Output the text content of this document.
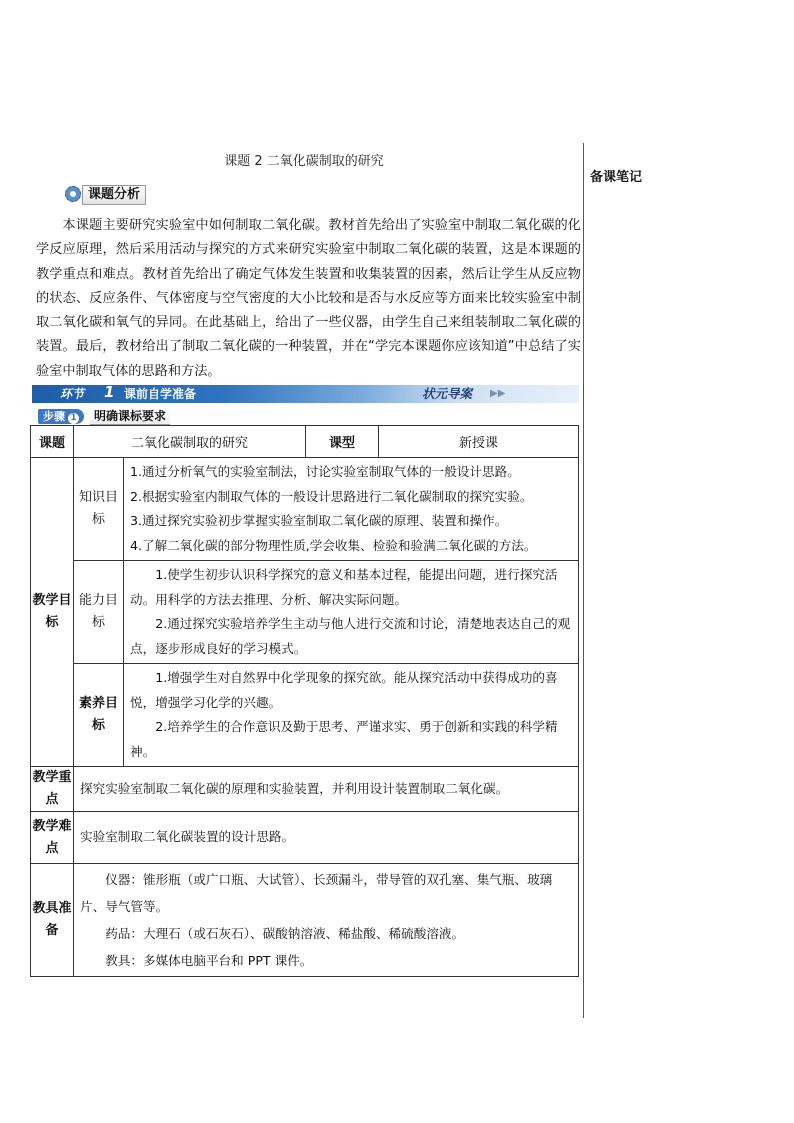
课题 2 二氧化碳制取的研究
备课笔记
课题分析

本课题主要研究实验室中如何制取二氧化碳。教材首先给出了实验室中制取二氧化碳的化学反应原理，然后采用活动与探究的方式来研究实验室中制取二氧化碳的装置，这是本课题的教学重点和难点。教材首先给出了确定气体发生装置和收集装置的因素，然后让学生从反应物的状态、反应条件、气体密度与空气密度的大小比较和是否与水反应等方面来比较实验室中制取二氧化碳和氧气的异同。在此基础上，给出了一些仪器，由学生自己来组装制取二氧化碳的装置。最后，教材给出了制取二氧化碳的一种装置，并在“学完本课题你应该知道”中总结了实验室中制取气体的思路和方法。

环节 1 课前自学准备	状元导案 ▶▶
步骤 1	明确课标要求
课题	二氧化碳制取的研究		课型	新授课
教学目标	知识目标	1.通过分析氧气的实验室制法，讨论实验室制取气体的一般设计思路。

2.根据实验室内制取气体的一般设计思路进行二氧化碳制取的探究实验。

3.通过探究实验初步掌握实验室制取二氧化碳的原理、装置和操作。

4.了解二氧化碳的部分物理性质,学会收集、检验和验满二氧化碳的方法。		

	能力目标	1.使学生初步认识科学探究的意义和基本过程，能提出问题，进行探究活动。用科学的方法去推理、分析、解决实际问题。

2.通过探究实验培养学生主动与他人进行交流和讨论，清楚地表达自己的观点，逐步形成良好的学习模式。		

	素养目标	1.增强学生对自然界中化学现象的探究欲。能从探究活动中获得成功的喜悦，增强学习化学的兴趣。

2.培养学生的合作意识及勤于思考、严谨求实、勇于创新和实践的科学精神。		

教学重点	探究实验室制取二氧化碳的原理和实验装置，并利用设计装置制取二氧化碳。			

教学难点	实验室制取二氧化碳装置的设计思路。			

教具准备	仪器：锥形瓶（或广口瓶、大试管）、长颈漏斗，带导管的双孔塞、集气瓶、玻璃片、导气管等。

药品：大理石（或石灰石）、碳酸钠溶液、稀盐酸、稀硫酸溶液。

教具：多媒体电脑平台和 PPT 课件。			
